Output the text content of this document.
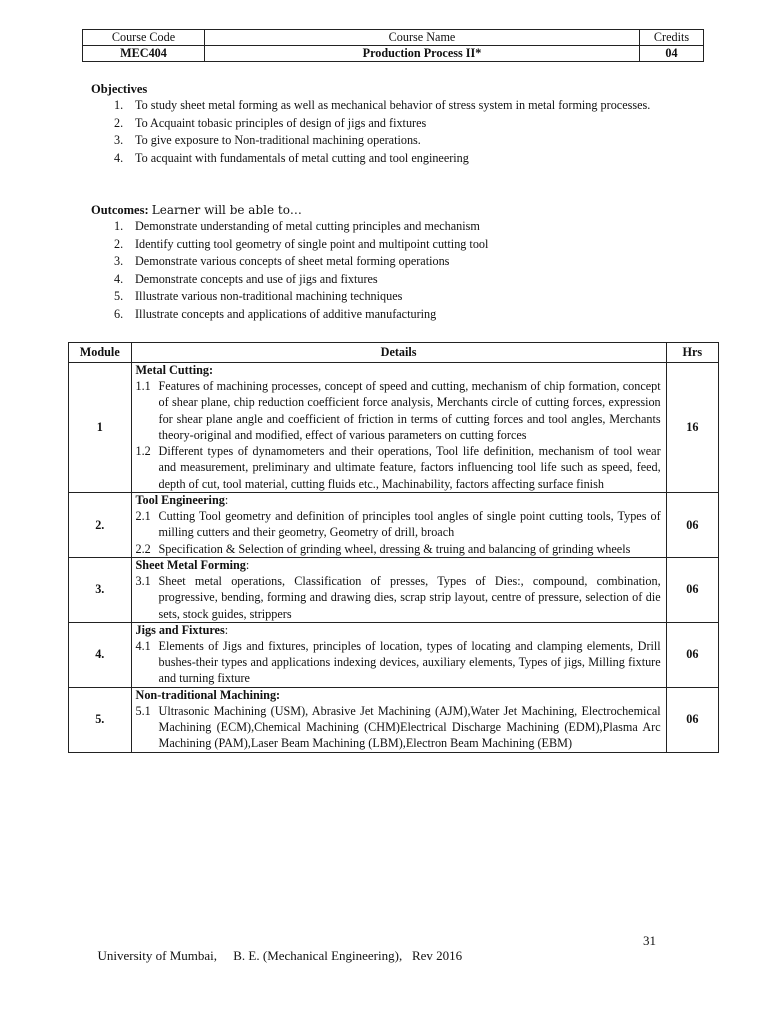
Course Code	Course Name	Credits
MEC404	Production Process II*	04
Objectives
1. To study sheet metal forming as well as mechanical behavior of stress system in metal forming processes.
2. To Acquaint tobasic principles of design of jigs and fixtures
3. To give exposure to Non-traditional machining operations.
4. To acquaint with fundamentals of metal cutting and tool engineering
Outcomes: Learner will be able to…
1. Demonstrate understanding of metal cutting principles and mechanism
2. Identify cutting tool geometry of single point and multipoint cutting tool
3. Demonstrate various concepts of sheet metal forming operations
4. Demonstrate concepts and use of jigs and fixtures
5. Illustrate various non-traditional machining techniques
6. Illustrate concepts and applications of additive manufacturing
Module	Details	Hrs
1	Metal Cutting:
1.1 Features of machining processes, concept of speed and cutting, mechanism of chip formation, concept of shear plane, chip reduction coefficient force analysis, Merchants circle of cutting forces, expression for shear plane angle and coefficient of friction in terms of cutting forces and tool angles, Merchants theory-original and modified, effect of various parameters on cutting forces
1.2 Different types of dynamometers and their operations, Tool life definition, mechanism of tool wear and measurement, preliminary and ultimate feature, factors influencing tool life such as speed, feed, depth of cut, tool material, cutting fluids etc., Machinability, factors affecting surface finish	16
2.	Tool Engineering:
2.1 Cutting Tool geometry and definition of principles tool angles of single point cutting tools, Types of milling cutters and their geometry, Geometry of drill, broach
2.2 Specification & Selection of grinding wheel, dressing & truing and balancing of grinding wheels	06
3.	Sheet Metal Forming:
3.1 Sheet metal operations, Classification of presses, Types of Dies:, compound, combination, progressive, bending, forming and drawing dies, scrap strip layout, centre of pressure, selection of die sets, stock guides, strippers	06
4.	Jigs and Fixtures:
4.1 Elements of Jigs and fixtures, principles of location, types of locating and clamping elements, Drill bushes-their types and applications indexing devices, auxiliary elements, Types of jigs, Milling fixture and turning fixture	06
5.	Non-traditional Machining:
5.1 Ultrasonic Machining (USM), Abrasive Jet Machining (AJM),Water Jet Machining, Electrochemical Machining (ECM),Chemical Machining (CHM)Electrical Discharge Machining (EDM),Plasma Arc Machining (PAM),Laser Beam Machining (LBM),Electron Beam Machining (EBM)	06

University of Mumbai,     B. E. (Mechanical Engineering),   Rev 2016

31
